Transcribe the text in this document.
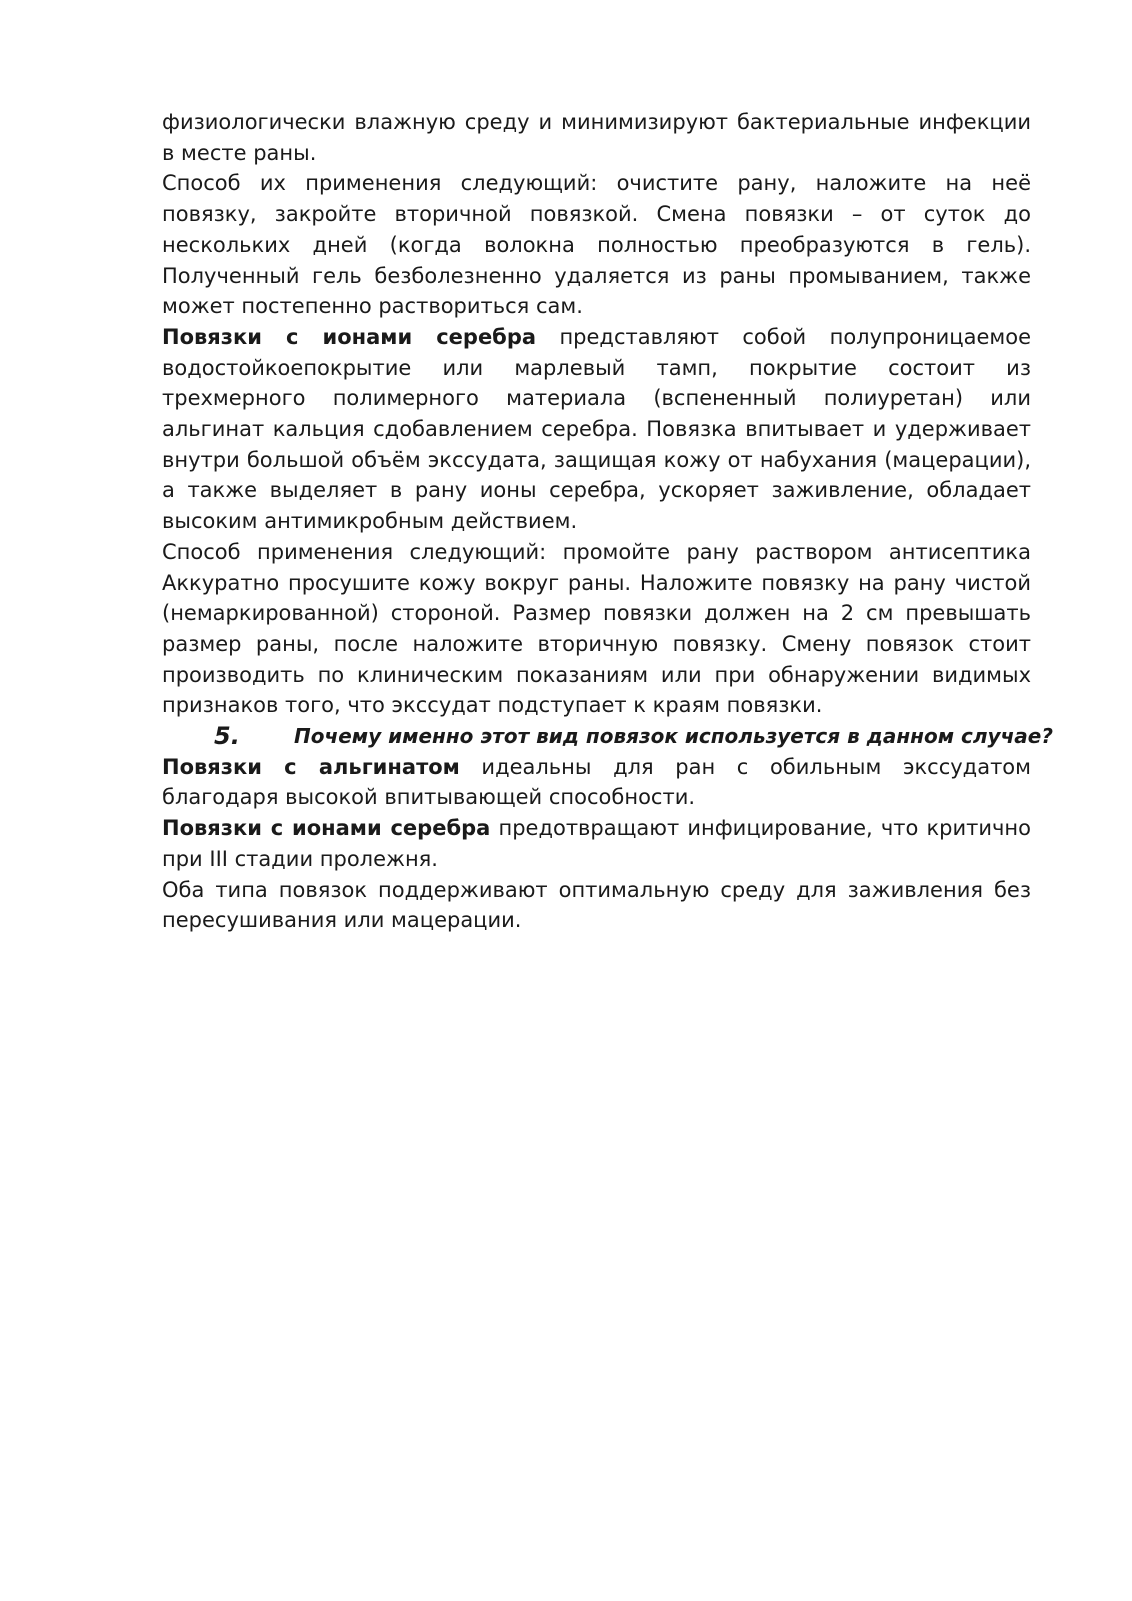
физиологически влажную среду и минимизируют бактериальные инфекции в месте раны.

Способ их применения следующий: очистите рану, наложите на неё повязку, закройте вторичной повязкой. Смена повязки – от суток до нескольких дней (когда волокна полностью преобразуются в гель). Полученный гель безболезненно удаляется из раны промыванием, также может постепенно раствориться сам.

Повязки с ионами серебра представляют собой полупроницаемое водостойкоепокрытие или марлевый тамп, покрытие состоит из трехмерного полимерного материала (вспененный полиуретан) или альгинат кальция сдобавлением серебра. Повязка впитывает и удерживает внутри большой объём экссудата, защищая кожу от набухания (мацерации), а также выделяет в рану ионы серебра, ускоряет заживление, обладает высоким антимикробным действием.

Способ применения следующий: промойте рану раствором антисептика Аккуратно просушите кожу вокруг раны. Наложите повязку на рану чистой (немаркированной) стороной. Размер повязки должен на 2 см превышать размер раны, после наложите вторичную повязку. Смену повязок стоит производить по клиническим показаниям или при обнаружении видимых признаков того, что экссудат подступает к краям повязки.

5.	Почему именно этот вид повязок используется в данном случае?

Повязки с альгинатом идеальны для ран с обильным экссудатом благодаря высокой впитывающей способности.

Повязки с ионами серебра предотвращают инфицирование, что критично при III стадии пролежня.

Оба типа повязок поддерживают оптимальную среду для заживления без пересушивания или мацерации.
